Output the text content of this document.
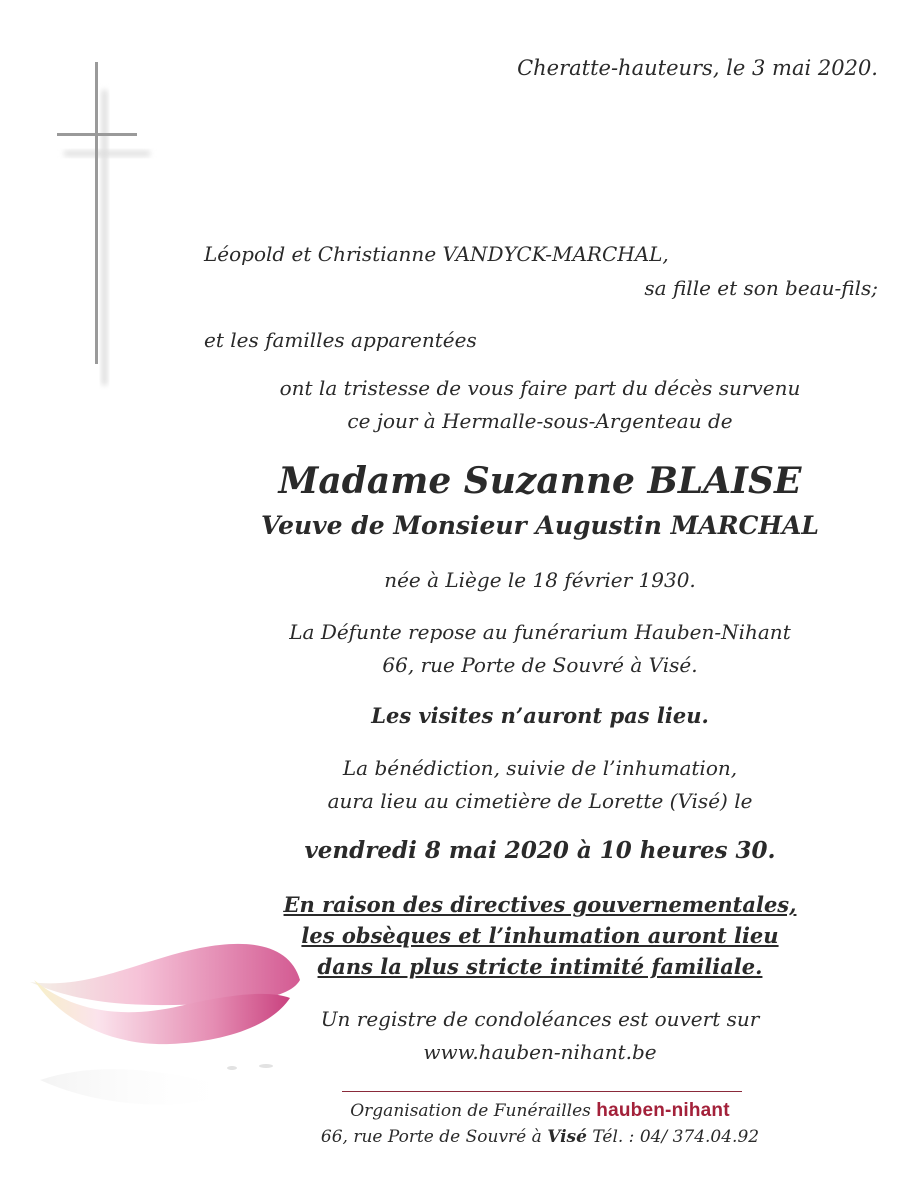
Cheratte-hauteurs, le 3 mai 2020.
Léopold et Christianne VANDYCK-MARCHAL,
sa fille et son beau-fils;
et les familles apparentées
ont la tristesse de vous faire part du décès survenu
ce jour à Hermalle-sous-Argenteau de
Madame Suzanne BLAISE
Veuve de Monsieur Augustin MARCHAL
née à Liège le 18 février 1930.
La Défunte repose au funérarium Hauben-Nihant
66, rue Porte de Souvré à Visé.
Les visites n’auront pas lieu.
La bénédiction, suivie de l’inhumation,
aura lieu au cimetière de Lorette (Visé) le
vendredi 8 mai 2020 à 10 heures 30.
En raison des directives gouvernementales,
les obsèques et l’inhumation auront lieu
dans la plus stricte intimité familiale.
Un registre de condoléances est ouvert sur
www.hauben-nihant.be
Organisation de Funérailles hauben-nihant
66, rue Porte de Souvré à Visé Tél. : 04/ 374.04.92
